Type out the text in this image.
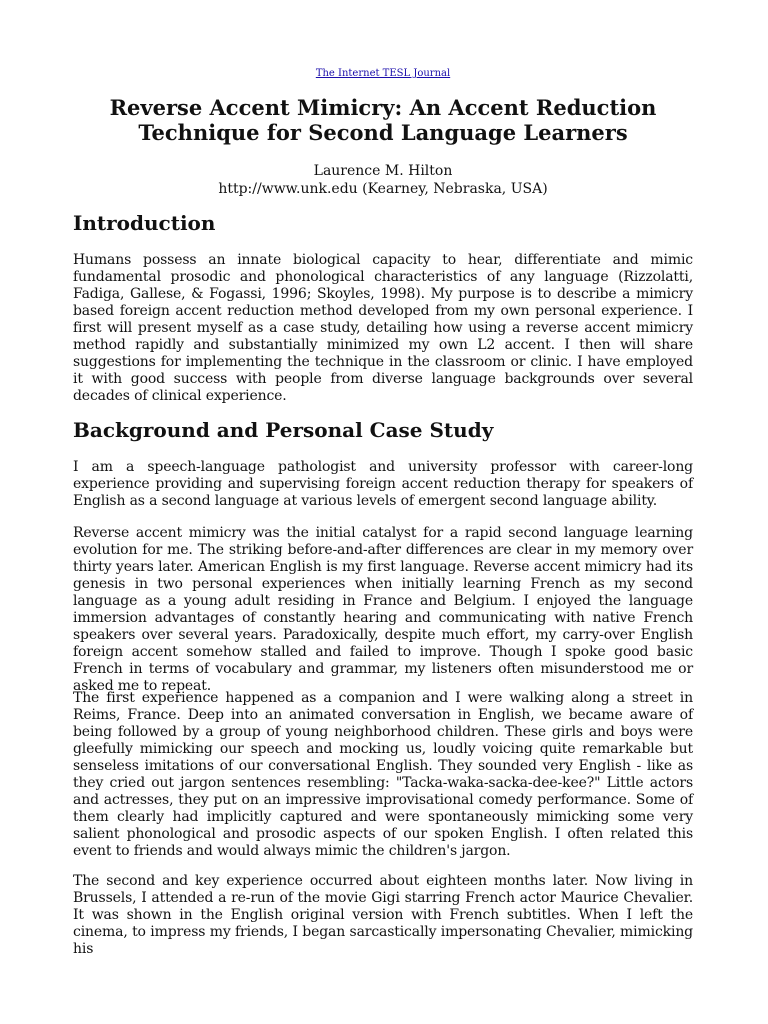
The Internet TESL Journal
Reverse Accent Mimicry: An Accent Reduction Technique for Second Language Learners
Laurence M. Hilton
http://www.unk.edu (Kearney, Nebraska, USA)
Introduction

Humans possess an innate biological capacity to hear, differentiate and mimic fundamental prosodic and phonological characteristics of any language (Rizzolatti, Fadiga, Gallese, & Fogassi, 1996; Skoyles, 1998). My purpose is to describe a mimicry based foreign accent reduction method developed from my own personal experience. I first will present myself as a case study, detailing how using a reverse accent mimicry method rapidly and substantially minimized my own L2 accent. I then will share suggestions for implementing the technique in the classroom or clinic. I have employed it with good success with people from diverse language backgrounds over several decades of clinical experience.

Background and Personal Case Study

I am a speech-language pathologist and university professor with career-long experience providing and supervising foreign accent reduction therapy for speakers of English as a second language at various levels of emergent second language ability.

Reverse accent mimicry was the initial catalyst for a rapid second language learning evolution for me. The striking before-and-after differences are clear in my memory over thirty years later. American English is my first language. Reverse accent mimicry had its genesis in two personal experiences when initially learning French as my second language as a young adult residing in France and Belgium. I enjoyed the language immersion advantages of constantly hearing and communicating with native French speakers over several years. Paradoxically, despite much effort, my carry-over English foreign accent somehow stalled and failed to improve. Though I spoke good basic French in terms of vocabulary and grammar, my listeners often misunderstood me or asked me to repeat.

The first experience happened as a companion and I were walking along a street in Reims, France. Deep into an animated conversation in English, we became aware of being followed by a group of young neighborhood children. These girls and boys were gleefully mimicking our speech and mocking us, loudly voicing quite remarkable but senseless imitations of our conversational English. They sounded very English - like as they cried out jargon sentences resembling: "Tacka-waka-sacka-dee-kee?" Little actors and actresses, they put on an impressive improvisational comedy performance. Some of them clearly had implicitly captured and were spontaneously mimicking some very salient phonological and prosodic aspects of our spoken English. I often related this event to friends and would always mimic the children's jargon.

The second and key experience occurred about eighteen months later. Now living in Brussels, I attended a re-run of the movie Gigi starring French actor Maurice Chevalier. It was shown in the English original version with French subtitles. When I left the cinema, to impress my friends, I began sarcastically impersonating Chevalier, mimicking his
